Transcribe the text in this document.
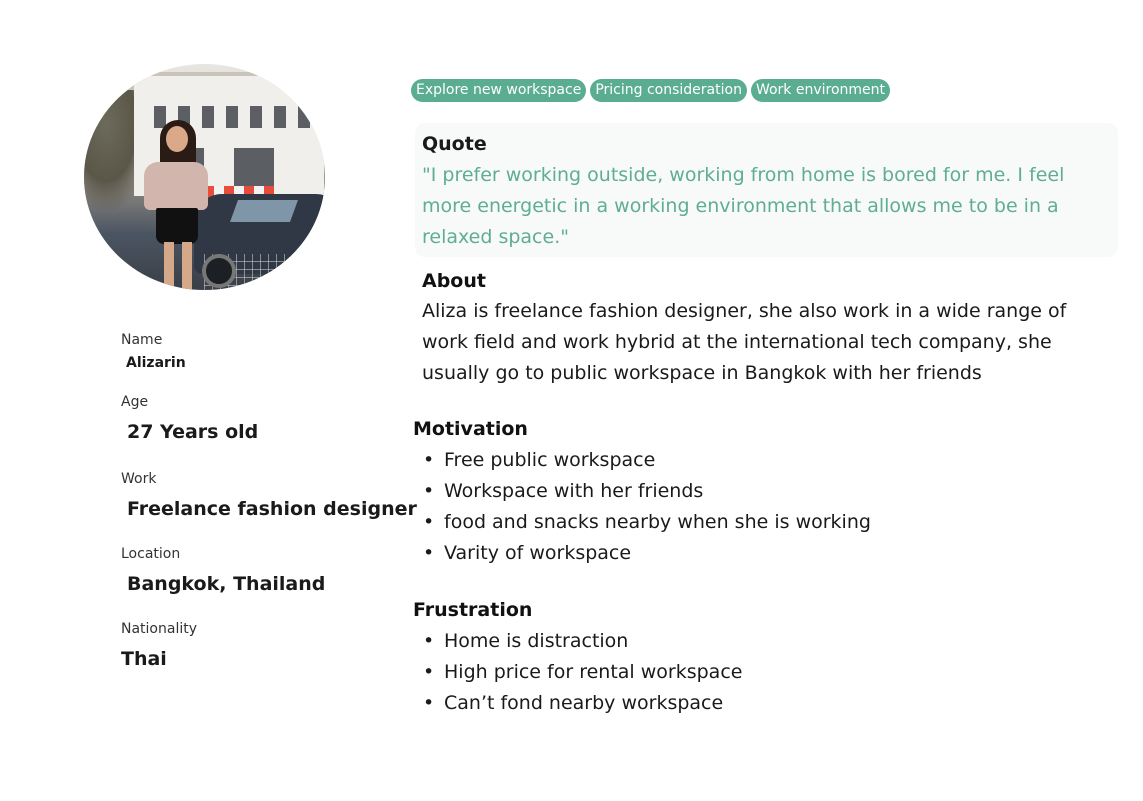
Name
Alizarin
Age
27 Years old
Work
Freelance fashion designer
Location
Bangkok, Thailand
Nationality
Thai
Explore new workspace	Pricing consideration	Work environment
Quote
"I prefer working outside, working from home is bored for me. I feel more energetic in a working environment that allows me to be in a relaxed space."
About
Aliza is freelance fashion designer, she also work in a wide range of work field and work hybrid at the international tech company, she usually go to public workspace in Bangkok with her friends
Motivation
• Free public workspace
• Workspace with her friends
• food and snacks nearby when she is working
• Varity of workspace
Frustration
• Home is distraction
• High price for rental workspace
• Can’t fond nearby workspace
